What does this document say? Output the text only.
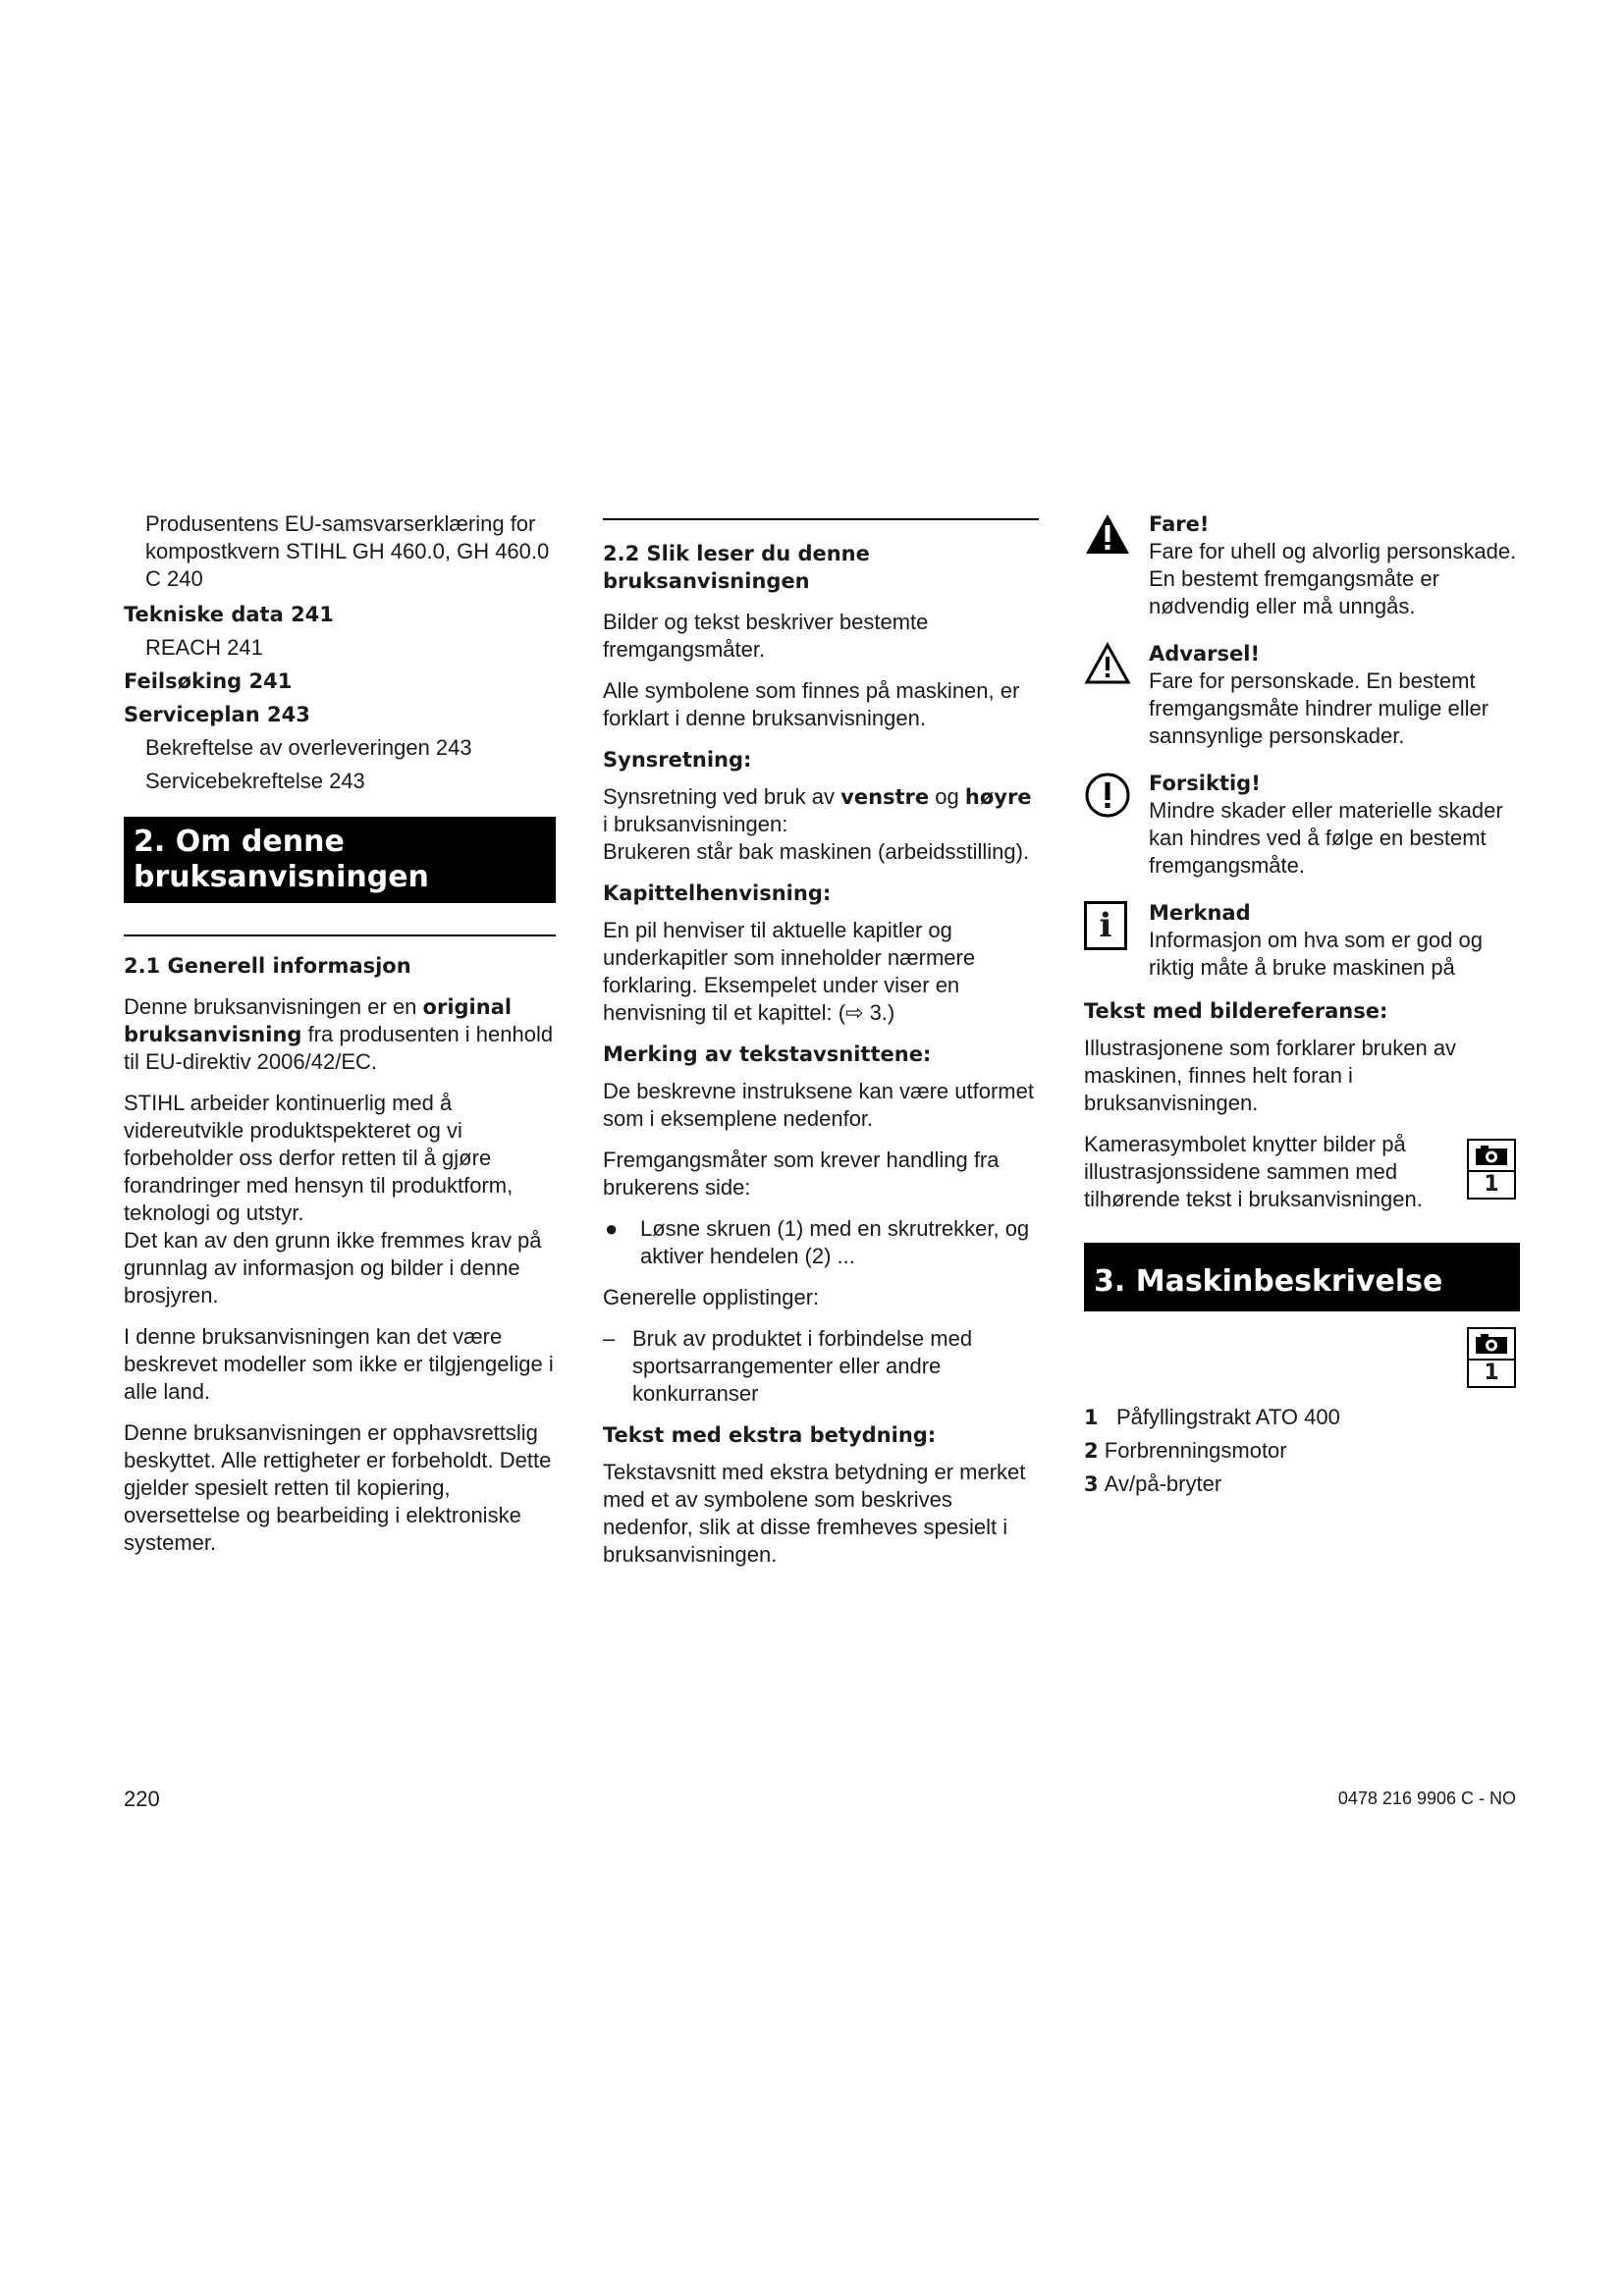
Produsentens EU-samsvarserklæring for kompostkvern STIHL GH 460.0, GH 460.0 C 240

Tekniske data 241

REACH 241

Feilsøking 241

Serviceplan 243

Bekreftelse av overleveringen 243

Servicebekreftelse 243

2. Om denne
bruksanvisningen
2.1 Generell informasjon

Denne bruksanvisningen er en original bruksanvisning fra produsenten i henhold til EU-direktiv 2006/42/EC.

STIHL arbeider kontinuerlig med å videreutvikle produktspekteret og vi forbeholder oss derfor retten til å gjøre forandringer med hensyn til produktform, teknologi og utstyr.

Det kan av den grunn ikke fremmes krav på grunnlag av informasjon og bilder i denne brosjyren.

I denne bruksanvisningen kan det være beskrevet modeller som ikke er tilgjengelige i alle land.

Denne bruksanvisningen er opphavsrettslig beskyttet. Alle rettigheter er forbeholdt. Dette gjelder spesielt retten til kopiering, oversettelse og bearbeiding i elektroniske systemer.

2.2 Slik leser du denne bruksanvisningen

Bilder og tekst beskriver bestemte fremgangsmåter.

Alle symbolene som finnes på maskinen, er forklart i denne bruksanvisningen.

Synsretning:

Synsretning ved bruk av venstre og høyre i bruksanvisningen:

Brukeren står bak maskinen (arbeidsstilling).

Kapittelhenvisning:

En pil henviser til aktuelle kapitler og underkapitler som inneholder nærmere forklaring. Eksempelet under viser en henvisning til et kapittel: (⇨ 3.)

Merking av tekstavsnittene:

De beskrevne instruksene kan være utformet som i eksemplene nedenfor.

Fremgangsmåter som krever handling fra brukerens side:

●	Løsne skruen (1) med en skrutrekker, og aktiver hendelen (2) ...

Generelle opplistinger:

– Bruk av produktet i forbindelse med sportsarrangementer eller andre konkurranser
Tekst med ekstra betydning:

Tekstavsnitt med ekstra betydning er merket med et av symbolene som beskrives nedenfor, slik at disse fremheves spesielt i bruksanvisningen.

Fare!

Fare for uhell og alvorlig personskade. En bestemt fremgangsmåte er nødvendig eller må unngås.

Advarsel!

Fare for personskade. En bestemt fremgangsmåte hindrer mulige eller sannsynlige personskader.

Forsiktig!

Mindre skader eller materielle skader kan hindres ved å følge en bestemt fremgangsmåte.

i	Merknad

Informasjon om hva som er god og riktig måte å bruke maskinen på

Tekst med bildereferanse:

Illustrasjonene som forklarer bruken av maskinen, finnes helt foran i bruksanvisningen.

Kamerasymbolet knytter bilder på illustrasjonssidene sammen med tilhørende tekst i bruksanvisningen.

1
3. Maskinbeskrivelse
1
1 Påfyllingstrakt ATO 400
2 Forbrenningsmotor
3 Av/på-bryter
220	0478 216 9906 C - NO
